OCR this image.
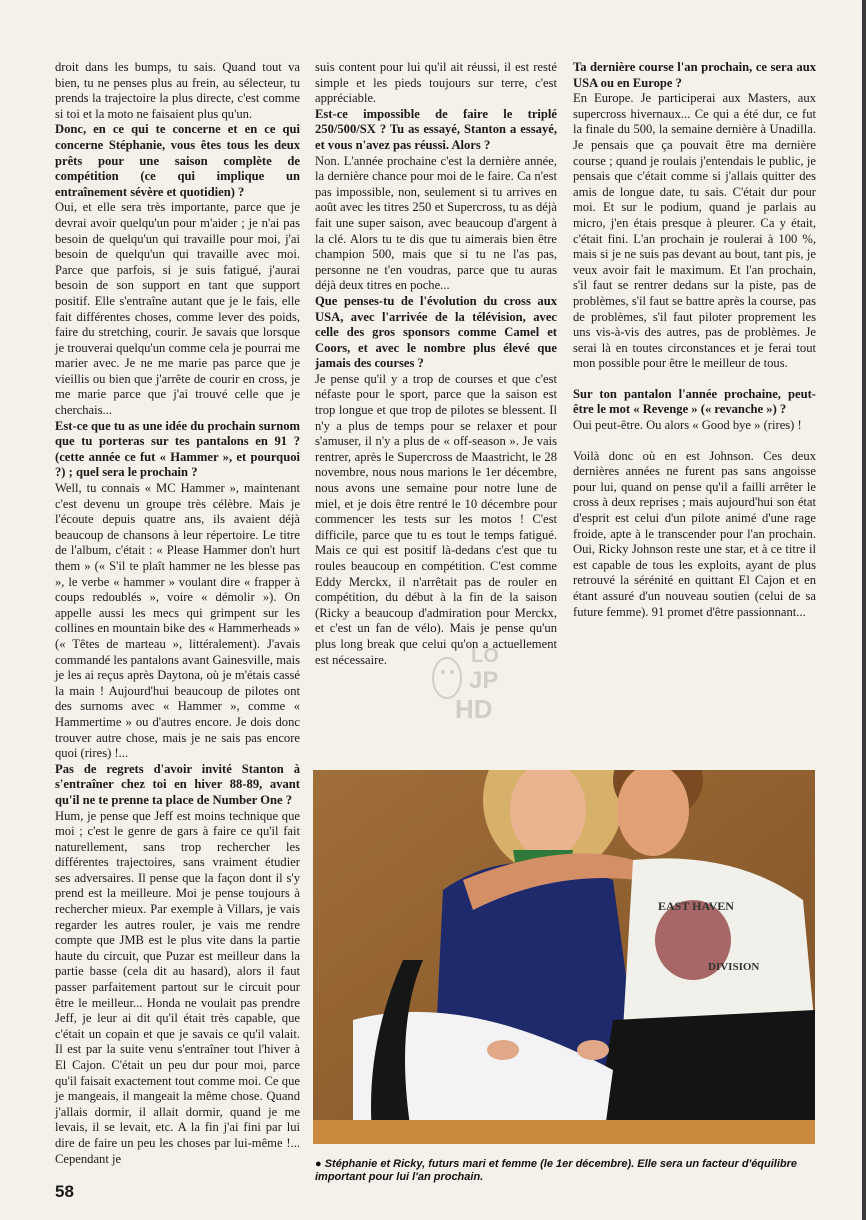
droit dans les bumps, tu sais. Quand tout va bien, tu ne penses plus au frein, au sélecteur, tu prends la trajectoire la plus directe, c'est comme si toi et la moto ne faisaient plus qu'un.

Donc, en ce qui te concerne et en ce qui concerne Stéphanie, vous êtes tous les deux prêts pour une saison complète de compétition (ce qui implique un entraînement sévère et quotidien) ?

Oui, et elle sera très importante, parce que je devrai avoir quelqu'un pour m'aider ; je n'ai pas besoin de quelqu'un qui travaille pour moi, j'ai besoin de quelqu'un qui travaille avec moi. Parce que parfois, si je suis fatigué, j'aurai besoin de son support en tant que support positif. Elle s'entraîne autant que je le fais, elle fait différentes choses, comme lever des poids, faire du stretching, courir. Je savais que lorsque je trouverai quelqu'un comme cela je pourrai me marier avec. Je ne me marie pas parce que je vieillis ou bien que j'arrête de courir en cross, je me marie parce que j'ai trouvé celle que je cherchais...

Est-ce que tu as une idée du prochain surnom que tu porteras sur tes pantalons en 91 ? (cette année ce fut « Hammer », et pourquoi ?) ; quel sera le prochain ?

Well, tu connais « MC Hammer », maintenant c'est devenu un groupe très célèbre. Mais je l'écoute depuis quatre ans, ils avaient déjà beaucoup de chansons à leur répertoire. Le titre de l'album, c'était : « Please Hammer don't hurt them » (« S'il te plaît hammer ne les blesse pas », le verbe « hammer » voulant dire « frapper à coups redoublés », voire « démolir »). On appelle aussi les mecs qui grimpent sur les collines en mountain bike des « Hammerheads » (« Têtes de marteau », littéralement). J'avais commandé les pantalons avant Gainesville, mais je les ai reçus après Daytona, où je m'étais cassé la main ! Aujourd'hui beaucoup de pilotes ont des surnoms avec « Hammer », comme « Hammertime » ou d'autres encore. Je dois donc trouver autre chose, mais je ne sais pas encore quoi (rires) !...

Pas de regrets d'avoir invité Stanton à s'entraîner chez toi en hiver 88-89, avant qu'il ne te prenne ta place de Number One ?

Hum, je pense que Jeff est moins technique que moi ; c'est le genre de gars à faire ce qu'il fait naturellement, sans trop rechercher les différentes trajectoires, sans vraiment étudier ses adversaires. Il pense que la façon dont il s'y prend est la meilleure. Moi je pense toujours à rechercher mieux. Par exemple à Villars, je vais regarder les autres rouler, je vais me rendre compte que JMB est le plus vite dans la partie haute du circuit, que Puzar est meilleur dans la partie basse (cela dit au hasard), alors il faut passer parfaitement partout sur le circuit pour être le meilleur... Honda ne voulait pas prendre Jeff, je leur ai dit qu'il était très capable, que c'était un copain et que je savais ce qu'il valait. Il est par la suite venu s'entraîner tout l'hiver à El Cajon. C'était un peu dur pour moi, parce qu'il faisait exactement tout comme moi. Ce que je mangeais, il mangeait la même chose. Quand j'allais dormir, il allait dormir, quand je me levais, il se levait, etc. A la fin j'ai fini par lui dire de faire un peu les choses par lui-même !... Cependant je

suis content pour lui qu'il ait réussi, il est resté simple et les pieds toujours sur terre, c'est appréciable.

Est-ce impossible de faire le triplé 250/500/SX ? Tu as essayé, Stanton a essayé, et vous n'avez pas réussi. Alors ?

Non. L'année prochaine c'est la dernière année, la dernière chance pour moi de le faire. Ca n'est pas impossible, non, seulement si tu arrives en août avec les titres 250 et Supercross, tu as déjà fait une super saison, avec beaucoup d'argent à la clé. Alors tu te dis que tu aimerais bien être champion 500, mais que si tu ne l'as pas, personne ne t'en voudras, parce que tu auras déjà deux titres en poche...

Que penses-tu de l'évolution du cross aux USA, avec l'arrivée de la télévision, avec celle des gros sponsors comme Camel et Coors, et avec le nombre plus élevé que jamais des courses ?

Je pense qu'il y a trop de courses et que c'est néfaste pour le sport, parce que la saison est trop longue et que trop de pilotes se blessent. Il n'y a plus de temps pour se relaxer et pour s'amuser, il n'y a plus de « off-season ». Je vais rentrer, après le Supercross de Maastricht, le 28 novembre, nous nous marions le 1er décembre, nous avons une semaine pour notre lune de miel, et je dois être rentré le 10 décembre pour commencer les tests sur les motos ! C'est difficile, parce que tu es tout le temps fatigué. Mais ce qui est positif là-dedans c'est que tu roules beaucoup en compétition. C'est comme Eddy Merckx, il n'arrêtait pas de rouler en compétition, du début à la fin de la saison (Ricky a beaucoup d'admiration pour Merckx, et c'est un fan de vélo). Mais je pense qu'un plus long break que celui qu'on a actuellement est nécessaire.

Ta dernière course l'an prochain, ce sera aux USA ou en Europe ?

En Europe. Je participerai aux Masters, aux supercross hivernaux... Ce qui a été dur, ce fut la finale du 500, la semaine dernière à Unadilla. Je pensais que ça pouvait être ma dernière course ; quand je roulais j'entendais le public, je pensais que c'était comme si j'allais quitter des amis de longue date, tu sais. C'était dur pour moi. Et sur le podium, quand je parlais au micro, j'en étais presque à pleurer. Ca y était, c'était fini. L'an prochain je roulerai à 100 %, mais si je ne suis pas devant au bout, tant pis, je veux avoir fait le maximum. Et l'an prochain, s'il faut se rentrer dedans sur la piste, pas de problèmes, s'il faut se battre après la course, pas de problèmes, s'il faut piloter proprement les uns vis-à-vis des autres, pas de problèmes. Je serai là en toutes circonstances et je ferai tout mon possible pour être le meilleur de tous.

Sur ton pantalon l'année prochaine, peut-être le mot « Revenge » (« revanche ») ?

Oui peut-être. Ou alors « Good bye » (rires) !

Voilà donc où en est Johnson. Ces deux dernières années ne furent pas sans angoisse pour lui, quand on pense qu'il a failli arrêter le cross à deux reprises ; mais aujourd'hui son état d'esprit est celui d'un pilote animé d'une rage froide, apte à le transcender pour l'an prochain. Oui, Ricky Johnson reste une star, et à ce titre il est capable de tous les exploits, ayant de plus retrouvé la sérénité en quittant El Cajon et en étant assuré d'un nouveau soutien (celui de sa future femme). 91 promet d'être passionnant...

LO
JP
HD
EAST HAVEN
DIVISION
● Stéphanie et Ricky, futurs mari et femme (le 1er décembre). Elle sera un facteur d'équilibre important pour lui l'an prochain.
58
